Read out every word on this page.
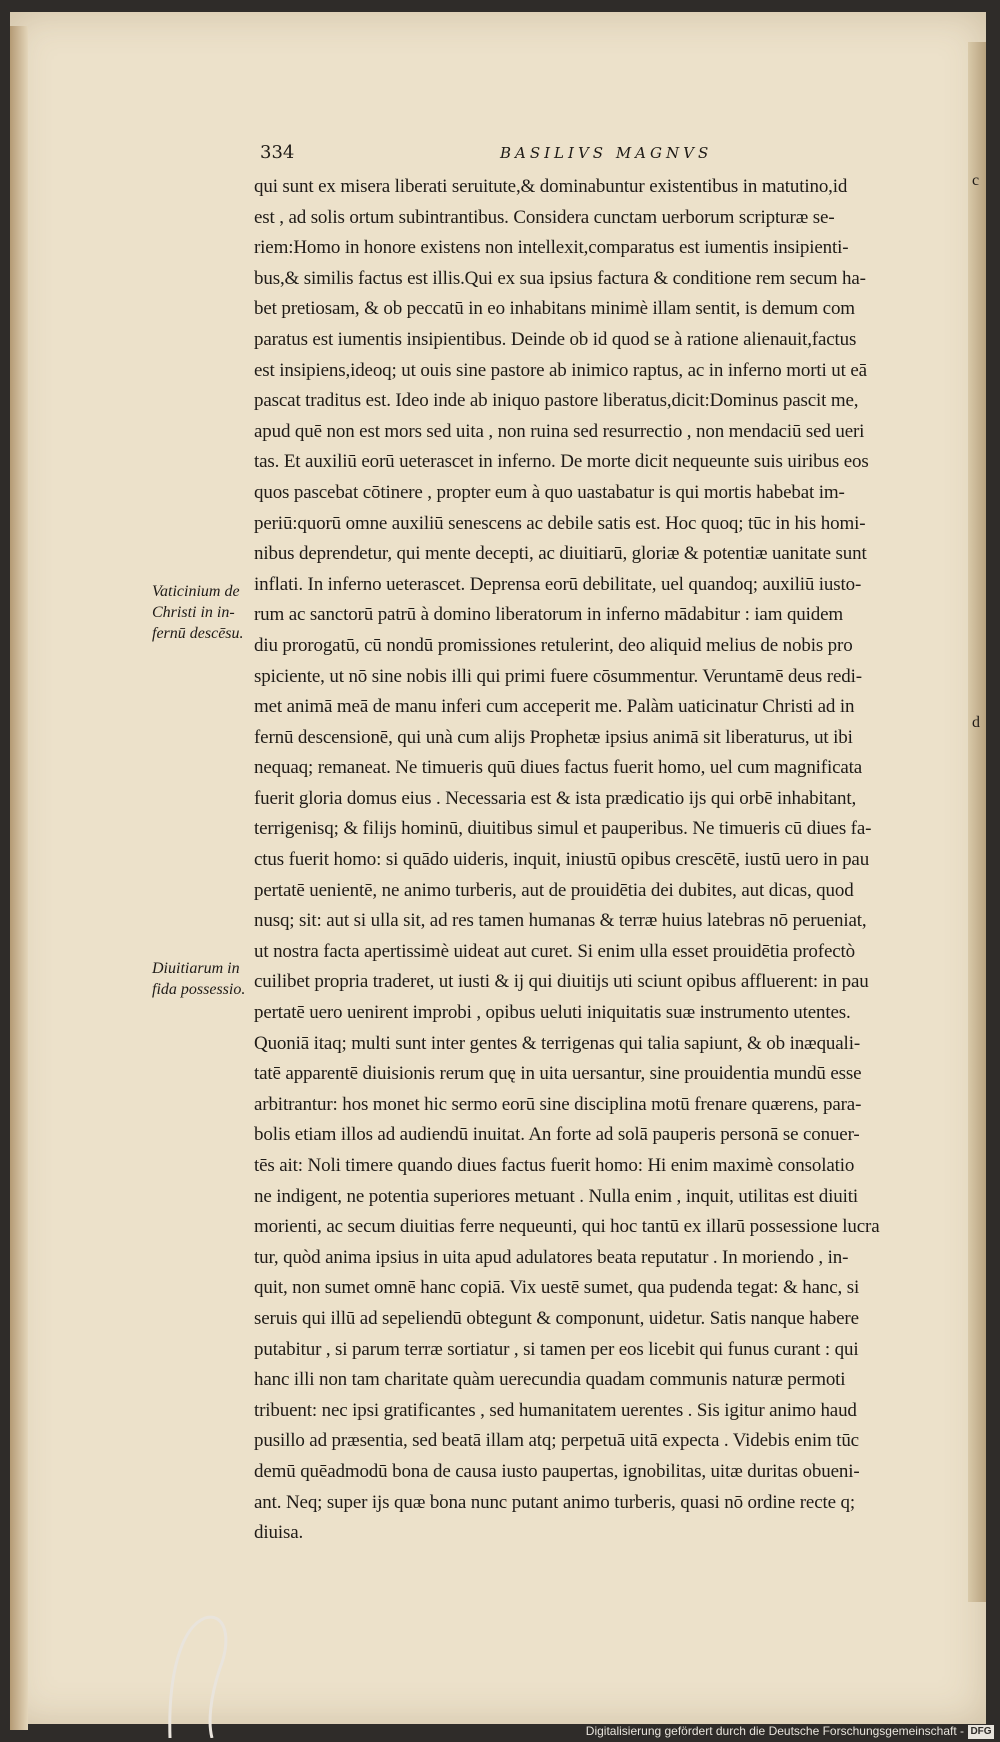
334	BASILIVS MAGNVS
qui sunt ex misera liberati seruitute,& dominabuntur existentibus in matutino,id
est , ad solis ortum subintrantibus. Considera cunctam uerborum scripturæ se-
riem:Homo in honore existens non intellexit,comparatus est iumentis insipienti-
bus,& similis factus est illis.Qui ex sua ipsius factura & conditione rem secum ha-
bet pretiosam, & ob peccatū in eo inhabitans minimè illam sentit, is demum com
paratus est iumentis insipientibus. Deinde ob id quod se à ratione alienauit,factus
est insipiens,ideoq; ut ouis sine pastore ab inimico raptus, ac in inferno morti ut eā
pascat traditus est. Ideo inde ab iniquo pastore liberatus,dicit:Dominus pascit me,
apud quē non est mors sed uita , non ruina sed resurrectio , non mendaciū sed ueri
tas. Et auxiliū eorū ueterascet in inferno. De morte dicit nequeunte suis uiribus eos
quos pascebat cōtinere , propter eum à quo uastabatur is qui mortis habebat im-
periū:quorū omne auxiliū senescens ac debile satis est. Hoc quoq; tūc in his homi-
nibus deprendetur, qui mente decepti, ac diuitiarū, gloriæ & potentiæ uanitate sunt
inflati. In inferno ueterascet. Deprensa eorū debilitate, uel quandoq; auxiliū iusto-
rum ac sanctorū patrū à domino liberatorum in inferno mādabitur : iam quidem
diu prorogatū, cū nondū promissiones retulerint, deo aliquid melius de nobis pro
spiciente, ut nō sine nobis illi qui primi fuere cōsummentur. Veruntamē deus redi-
met animā meā de manu inferi cum acceperit me. Palàm uaticinatur Christi ad in
fernū descensionē, qui unà cum alijs Prophetæ ipsius animā sit liberaturus, ut ibi
nequaq; remaneat. Ne timueris quū diues factus fuerit homo, uel cum magnificata
fuerit gloria domus eius . Necessaria est & ista prædicatio ijs qui orbē inhabitant,
terrigenisq; & filijs hominū, diuitibus simul et pauperibus. Ne timueris cū diues fa-
ctus fuerit homo: si quādo uideris, inquit, iniustū opibus crescētē, iustū uero in pau
pertatē uenientē, ne animo turberis, aut de prouidētia dei dubites, aut dicas, quod
nusq; sit: aut si ulla sit, ad res tamen humanas & terræ huius latebras nō perueniat,
ut nostra facta apertissimè uideat aut curet. Si enim ulla esset prouidētia profectò
cuilibet propria traderet, ut iusti & ij qui diuitijs uti sciunt opibus affluerent: in pau
pertatē uero uenirent improbi , opibus ueluti iniquitatis suæ instrumento utentes.
Quoniā itaq; multi sunt inter gentes & terrigenas qui talia sapiunt, & ob inæquali-
tatē apparentē diuisionis rerum quę in uita uersantur, sine prouidentia mundū esse
arbitrantur: hos monet hic sermo eorū sine disciplina motū frenare quærens, para-
bolis etiam illos ad audiendū inuitat. An forte ad solā pauperis personā se conuer-
tēs ait: Noli timere quando diues factus fuerit homo: Hi enim maximè consolatio
ne indigent, ne potentia superiores metuant . Nulla enim , inquit, utilitas est diuiti
morienti, ac secum diuitias ferre nequeunti, qui hoc tantū ex illarū possessione lucra
tur, quòd anima ipsius in uita apud adulatores beata reputatur . In moriendo , in-
quit, non sumet omnē hanc copiā. Vix uestē sumet, qua pudenda tegat: & hanc, si
seruis qui illū ad sepeliendū obtegunt & componunt, uidetur. Satis nanque habere
putabitur , si parum terræ sortiatur , si tamen per eos licebit qui funus curant : qui
hanc illi non tam charitate quàm uerecundia quadam communis naturæ permoti
tribuent: nec ipsi gratificantes , sed humanitatem uerentes . Sis igitur animo haud
pusillo ad præsentia, sed beatā illam atq; perpetuā uitā expecta . Videbis enim tūc
demū quēadmodū bona de causa iusto paupertas, ignobilitas, uitæ duritas obueni-
ant. Neq; super ijs quæ bona nunc putant animo turberis, quasi nō ordine recte q;
diuisa.
Vaticinium de
Christi in in-
fernū descēsu.
Diuitiarum in
fida possessio.
c
d
Digitalisierung gefördert durch die Deutsche Forschungsgemeinschaft - DFG
